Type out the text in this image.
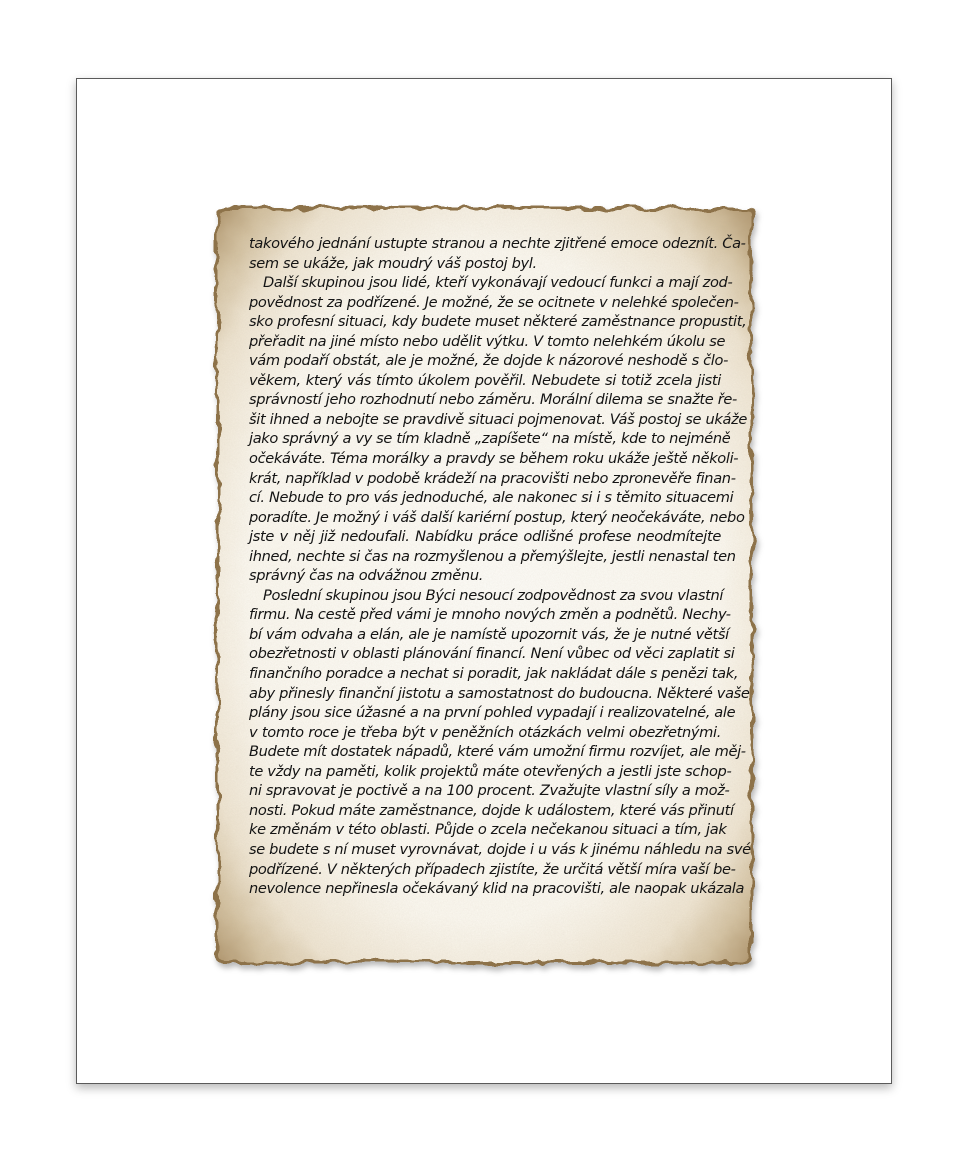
takového jednání ustupte stranou a nechte zjitřené emoce odeznít. Ča-
sem se ukáže, jak moudrý váš postoj byl.
Další skupinou jsou lidé, kteří vykonávají vedoucí funkci a mají zod-
povědnost za podřízené. Je možné, že se ocitnete v nelehké společen-
sko profesní situaci, kdy budete muset některé zaměstnance propustit,
přeřadit na jiné místo nebo udělit výtku. V tomto nelehkém úkolu se
vám podaří obstát, ale je možné, že dojde k názorové neshodě s člo-
věkem, který vás tímto úkolem pověřil. Nebudete si totiž zcela jisti
správností jeho rozhodnutí nebo záměru. Morální dilema se snažte ře-
šit ihned a nebojte se pravdivě situaci pojmenovat. Váš postoj se ukáže
jako správný a vy se tím kladně „zapíšete“ na místě, kde to nejméně
očekáváte. Téma morálky a pravdy se během roku ukáže ještě několi-
krát, například v podobě krádeží na pracovišti nebo zpronevěře finan-
cí. Nebude to pro vás jednoduché, ale nakonec si i s těmito situacemi
poradíte. Je možný i váš další kariérní postup, který neočekáváte, nebo
jste v něj již nedoufali. Nabídku práce odlišné profese neodmítejte
ihned, nechte si čas na rozmyšlenou a přemýšlejte, jestli nenastal ten
správný čas na odvážnou změnu.
Poslední skupinou jsou Býci nesoucí zodpovědnost za svou vlastní
firmu. Na cestě před vámi je mnoho nových změn a podnětů. Nechy-
bí vám odvaha a elán, ale je namístě upozornit vás, že je nutné větší
obezřetnosti v oblasti plánování financí. Není vůbec od věci zaplatit si
finančního poradce a nechat si poradit, jak nakládat dále s penězi tak,
aby přinesly finanční jistotu a samostatnost do budoucna. Některé vaše
plány jsou sice úžasné a na první pohled vypadají i realizovatelné, ale
v tomto roce je třeba být v peněžních otázkách velmi obezřetnými.
Budete mít dostatek nápadů, které vám umožní firmu rozvíjet, ale měj-
te vždy na paměti, kolik projektů máte otevřených a jestli jste schop-
ni spravovat je poctivě a na 100 procent. Zvažujte vlastní síly a mož-
nosti. Pokud máte zaměstnance, dojde k událostem, které vás přinutí
ke změnám v této oblasti. Půjde o zcela nečekanou situaci a tím, jak
se budete s ní muset vyrovnávat, dojde i u vás k jinému náhledu na své
podřízené. V některých případech zjistíte, že určitá větší míra vaší be-
nevolence nepřinesla očekávaný klid na pracovišti, ale naopak ukázala
